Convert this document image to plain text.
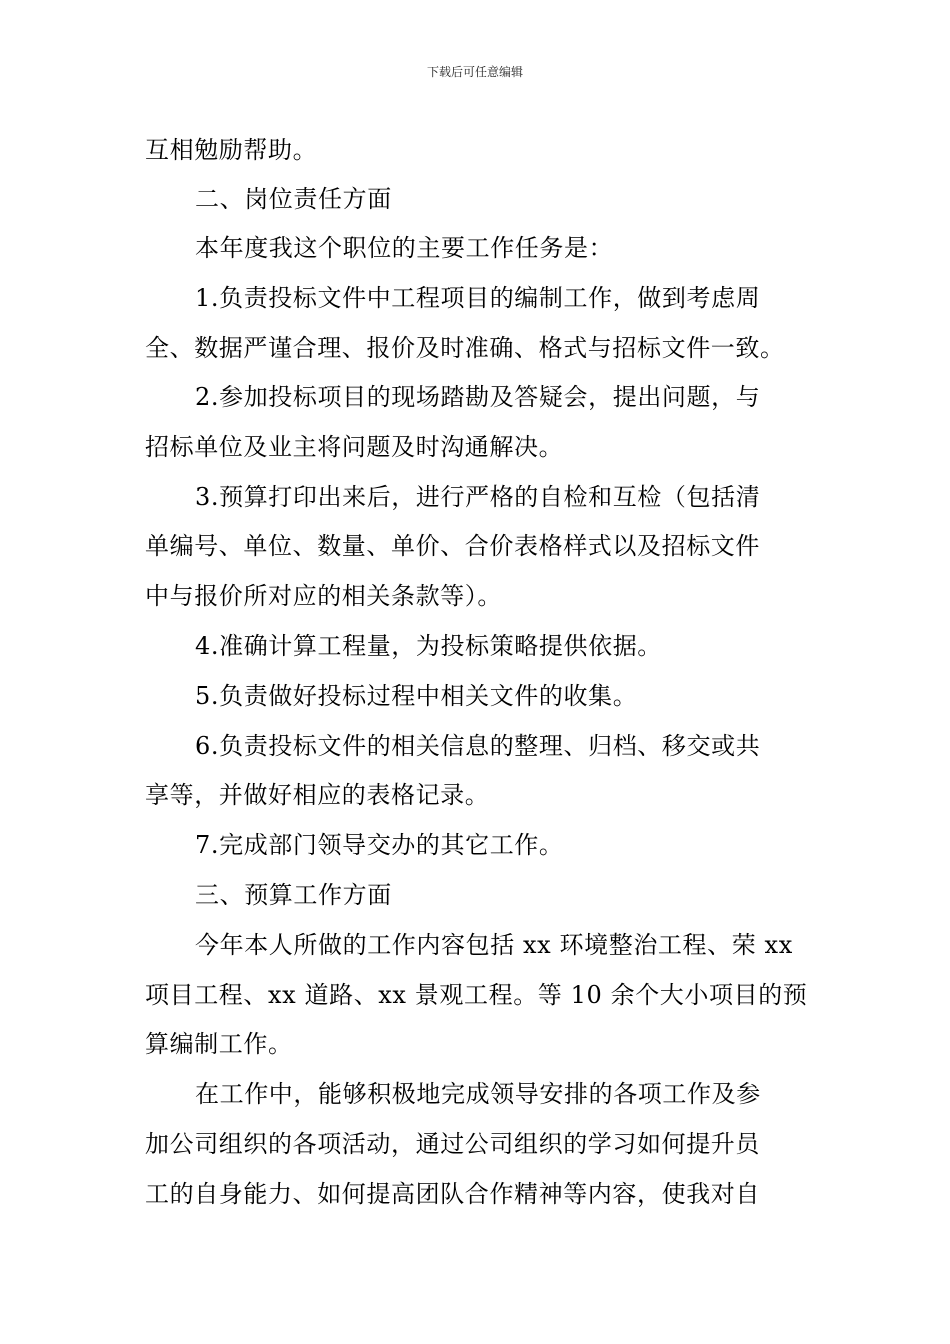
下载后可任意编辑
互相勉励帮助。
二、岗位责任方面
本年度我这个职位的主要工作任务是：
1.负责投标文件中工程项目的编制工作，做到考虑周
全、数据严谨合理、报价及时准确、格式与招标文件一致。
2.参加投标项目的现场踏勘及答疑会，提出问题，与
招标单位及业主将问题及时沟通解决。
3.预算打印出来后，进行严格的自检和互检（包括清
单编号、单位、数量、单价、合价表格样式以及招标文件
中与报价所对应的相关条款等）。
4.准确计算工程量，为投标策略提供依据。
5.负责做好投标过程中相关文件的收集。
6.负责投标文件的相关信息的整理、归档、移交或共
享等，并做好相应的表格记录。
7.完成部门领导交办的其它工作。
三、预算工作方面
今年本人所做的工作内容包括 xx 环境整治工程、荣 xx
项目工程、xx 道路、xx 景观工程。等 10 余个大小项目的预
算编制工作。
在工作中，能够积极地完成领导安排的各项工作及参
加公司组织的各项活动，通过公司组织的学习如何提升员
工的自身能力、如何提高团队合作精神等内容，使我对自
